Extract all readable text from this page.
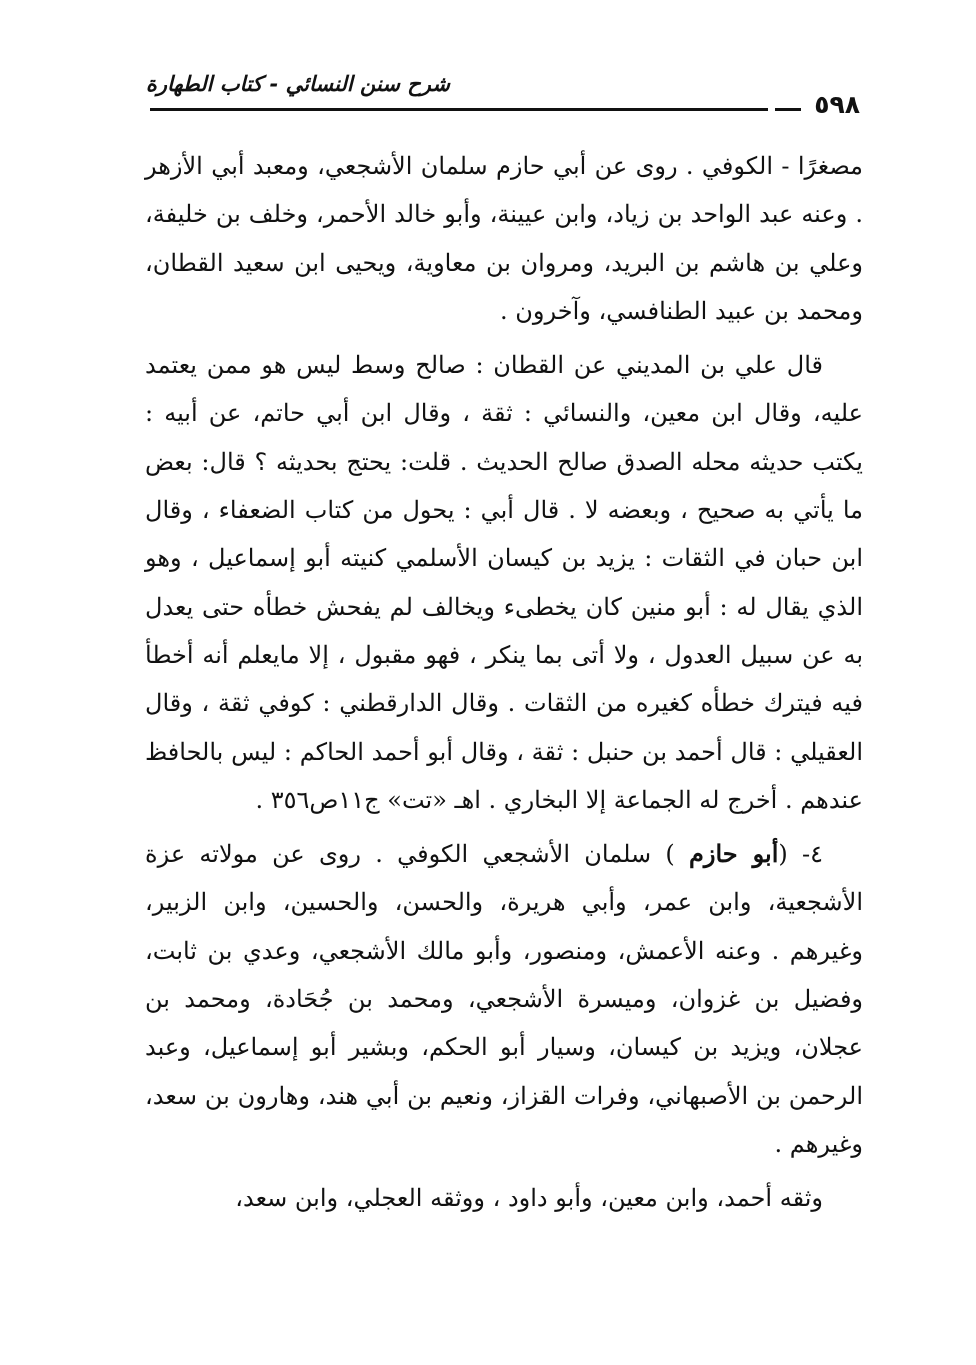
شرح سنن النسائي - كتاب الطهارة
٥٩٨

مصغرًا - الكوفي . روى عن أبي حازم سلمان الأشجعي، ومعبد أبي الأزهر . وعنه عبد الواحد بن زياد، وابن عيينة، وأبو خالد الأحمر، وخلف بن خليفة، وعلي بن هاشم بن البريد، ومروان بن معاوية، ويحيى ابن سعيد القطان، ومحمد بن عبيد الطنافسي، وآخرون .

قال علي بن المديني عن القطان : صالح وسط ليس هو ممن يعتمد عليه، وقال ابن معين، والنسائي : ثقة ، وقال ابن أبي حاتم، عن أبيه : يكتب حديثه محله الصدق صالح الحديث . قلت: يحتج بحديثه ؟ قال: بعض ما يأتي به صحيح ، وبعضه لا . قال أبي : يحول من كتاب الضعفاء ، وقال ابن حبان في الثقات : يزيد بن كيسان الأسلمي كنيته أبو إسماعيل ، وهو الذي يقال له : أبو منين كان يخطىء ويخالف لم يفحش خطأه حتى يعدل به عن سبيل العدول ، ولا أتى بما ينكر ، فهو مقبول ، إلا مايعلم أنه أخطأ فيه فيترك خطأه كغيره من الثقات . وقال الدارقطني : كوفي ثقة ، وقال العقيلي : قال أحمد بن حنبل : ثقة ، وقال أبو أحمد الحاكم : ليس بالحافظ عندهم . أخرج له الجماعة إلا البخاري . اهـ «تت» ج١١ص٣٥٦ .

٤- (أبو حازم ) سلمان الأشجعي الكوفي . روى عن مولاته عزة الأشجعية، وابن عمر، وأبي هريرة، والحسن، والحسين، وابن الزبير، وغيرهم . وعنه الأعمش، ومنصور، وأبو مالك الأشجعي، وعدي بن ثابت، وفضيل بن غزوان، وميسرة الأشجعي، ومحمد بن جُحَادة، ومحمد بن عجلان، ويزيد بن كيسان، وسيار أبو الحكم، وبشير أبو إسماعيل، وعبد الرحمن بن الأصبهاني، وفرات القزاز، ونعيم بن أبي هند، وهارون بن سعد، وغيرهم .

وثقه أحمد، وابن معين، وأبو داود ، ووثقه العجلي، وابن سعد،
